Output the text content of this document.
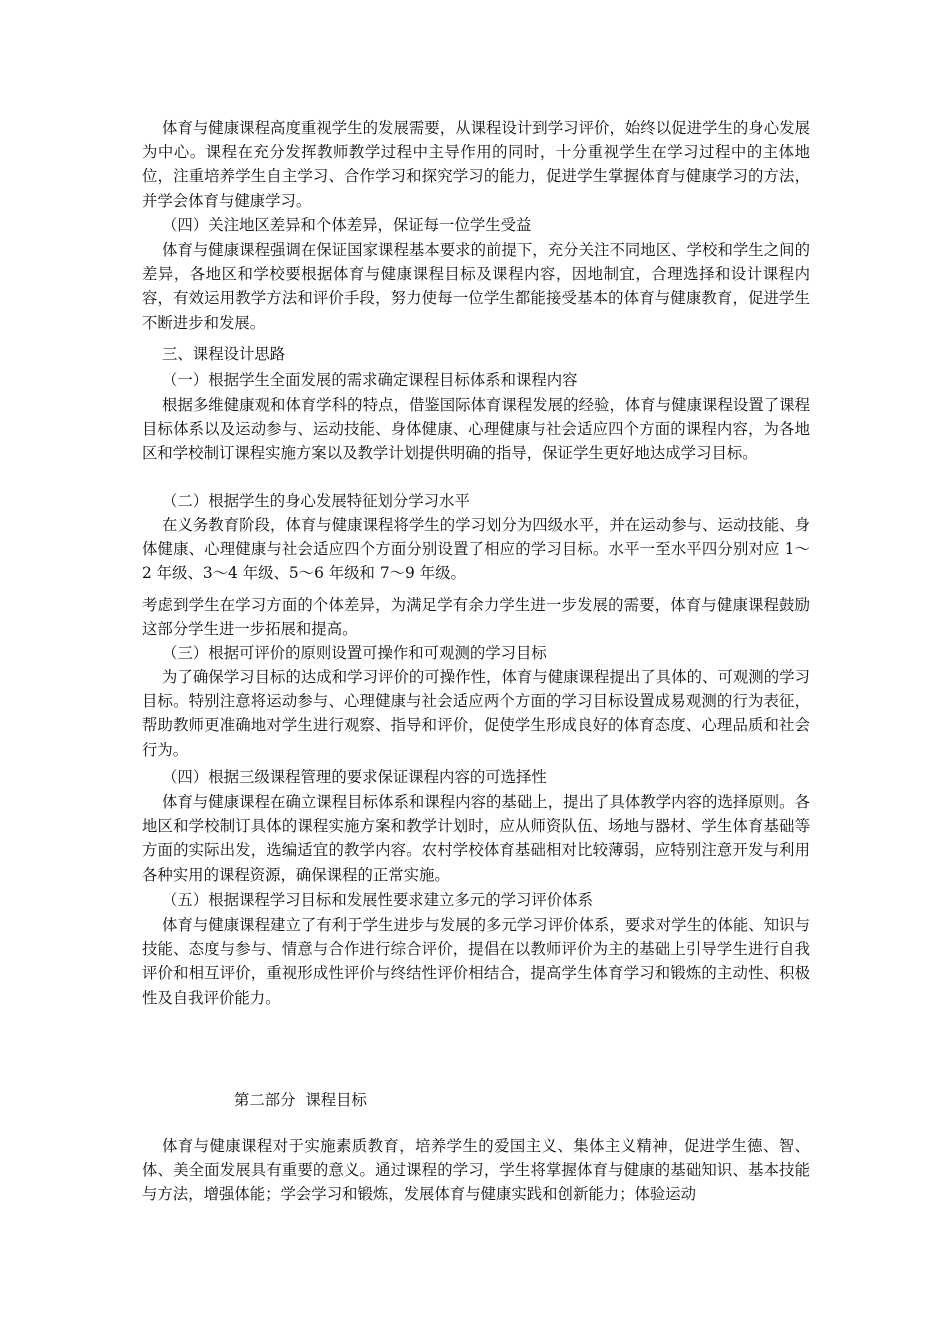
体育与健康课程高度重视学生的发展需要，从课程设计到学习评价，始终以促进学生的身心发展为中心。课程在充分发挥教师教学过程中主导作用的同时，十分重视学生在学习过程中的主体地位，注重培养学生自主学习、合作学习和探究学习的能力，促进学生掌握体育与健康学习的方法，并学会体育与健康学习。

（四）关注地区差异和个体差异，保证每一位学生受益

体育与健康课程强调在保证国家课程基本要求的前提下，充分关注不同地区、学校和学生之间的差异，各地区和学校要根据体育与健康课程目标及课程内容，因地制宜，合理选择和设计课程内容，有效运用教学方法和评价手段，努力使每一位学生都能接受基本的体育与健康教育，促进学生不断进步和发展。

三、课程设计思路

（一）根据学生全面发展的需求确定课程目标体系和课程内容

根据多维健康观和体育学科的特点，借鉴国际体育课程发展的经验，体育与健康课程设置了课程目标体系以及运动参与、运动技能、身体健康、心理健康与社会适应四个方面的课程内容，为各地区和学校制订课程实施方案以及教学计划提供明确的指导，保证学生更好地达成学习目标。

（二）根据学生的身心发展特征划分学习水平

在义务教育阶段，体育与健康课程将学生的学习划分为四级水平，并在运动参与、运动技能、身体健康、心理健康与社会适应四个方面分别设置了相应的学习目标。水平一至水平四分别对应 1～2 年级、3～4 年级、5～6 年级和 7～9 年级。

考虑到学生在学习方面的个体差异，为满足学有余力学生进一步发展的需要，体育与健康课程鼓励这部分学生进一步拓展和提高。

（三）根据可评价的原则设置可操作和可观测的学习目标

为了确保学习目标的达成和学习评价的可操作性，体育与健康课程提出了具体的、可观测的学习目标。特别注意将运动参与、心理健康与社会适应两个方面的学习目标设置成易观测的行为表征，帮助教师更准确地对学生进行观察、指导和评价，促使学生形成良好的体育态度、心理品质和社会行为。

（四）根据三级课程管理的要求保证课程内容的可选择性

体育与健康课程在确立课程目标体系和课程内容的基础上，提出了具体教学内容的选择原则。各地区和学校制订具体的课程实施方案和教学计划时，应从师资队伍、场地与器材、学生体育基础等方面的实际出发，选编适宜的教学内容。农村学校体育基础相对比较薄弱，应特别注意开发与利用各种实用的课程资源，确保课程的正常实施。

（五）根据课程学习目标和发展性要求建立多元的学习评价体系

体育与健康课程建立了有利于学生进步与发展的多元学习评价体系，要求对学生的体能、知识与技能、态度与参与、情意与合作进行综合评价，提倡在以教师评价为主的基础上引导学生进行自我评价和相互评价，重视形成性评价与终结性评价相结合，提高学生体育学习和锻炼的主动性、积极性及自我评价能力。

第二部分  课程目标

体育与健康课程对于实施素质教育，培养学生的爱国主义、集体主义精神，促进学生德、智、体、美全面发展具有重要的意义。通过课程的学习，学生将掌握体育与健康的基础知识、基本技能与方法，增强体能；学会学习和锻炼，发展体育与健康实践和创新能力；体验运动
